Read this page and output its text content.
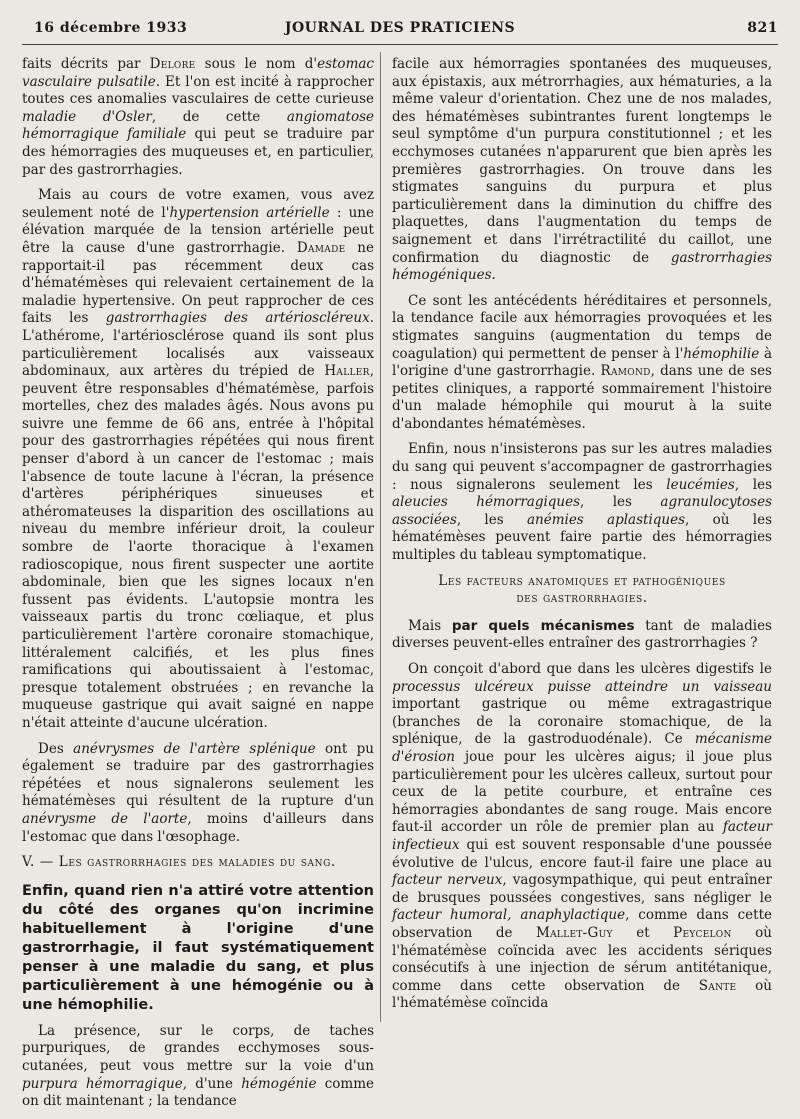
16 décembre 1933	JOURNAL DES PRATICIENS	821

faits décrits par Delore sous le nom d'estomac vasculaire pulsatile. Et l'on est incité à rapprocher toutes ces anomalies vasculaires de cette curieuse maladie d'Osler, de cette angiomatose hémorragique familiale qui peut se traduire par des hémorragies des muqueuses et, en particulier, par des gastrorrhagies.

Mais au cours de votre examen, vous avez seulement noté de l'hypertension artérielle : une élévation marquée de la tension artérielle peut être la cause d'une gastrorrhagie. Damade ne rapportait-il pas récemment deux cas d'hématémèses qui relevaient certainement de la maladie hypertensive. On peut rapprocher de ces faits les gastrorrhagies des artérioscléreux. L'athérome, l'artériosclérose quand ils sont plus particulièrement localisés aux vaisseaux abdominaux, aux artères du trépied de Haller, peuvent être responsables d'hématémèse, parfois mortelles, chez des malades âgés. Nous avons pu suivre une femme de 66 ans, entrée à l'hôpital pour des gastrorrhagies répétées qui nous firent penser d'abord à un cancer de l'estomac ; mais l'absence de toute lacune à l'écran, la présence d'artères périphériques sinueuses et athéromateuses la disparition des oscillations au niveau du membre inférieur droit, la couleur sombre de l'aorte thoracique à l'examen radioscopique, nous firent suspecter une aortite abdominale, bien que les signes locaux n'en fussent pas évidents. L'autopsie montra les vaisseaux partis du tronc cœliaque, et plus particulièrement l'artère coronaire stomachique, littéralement calcifiés, et les plus fines ramifications qui aboutissaient à l'estomac, presque totalement obstruées ; en revanche la muqueuse gastrique qui avait saigné en nappe n'était atteinte d'aucune ulcération.

Des anévrysmes de l'artère splénique ont pu également se traduire par des gastrorrhagies répétées et nous signalerons seulement les hématémèses qui résultent de la rupture d'un anévrysme de l'aorte, moins d'ailleurs dans l'estomac que dans l'œsophage.

V. — Les gastrorrhagies des maladies du sang.

Enfin, quand rien n'a attiré votre attention du côté des organes qu'on incrimine habituellement à l'origine d'une gastrorrhagie, il faut systématiquement penser à une maladie du sang, et plus particulièrement à une hémogénie ou à une hémophilie.

La présence, sur le corps, de taches purpuriques, de grandes ecchymoses sous-cutanées, peut vous mettre sur la voie d'un purpura hémorragique, d'une hémogénie comme on dit maintenant ; la tendance

facile aux hémorragies spontanées des muqueuses, aux épistaxis, aux métrorrhagies, aux hématuries, a la même valeur d'orientation. Chez une de nos malades, des hématémèses subintrantes furent longtemps le seul symptôme d'un purpura constitutionnel ; et les ecchymoses cutanées n'apparurent que bien après les premières gastrorrhagies. On trouve dans les stigmates sanguins du purpura et plus particulièrement dans la diminution du chiffre des plaquettes, dans l'augmentation du temps de saignement et dans l'irrétractilité du caillot, une confirmation du diagnostic de gastrorrhagies hémogéniques.

Ce sont les antécédents héréditaires et personnels, la tendance facile aux hémorragies provoquées et les stigmates sanguins (augmentation du temps de coagulation) qui permettent de penser à l'hémophilie à l'origine d'une gastrorrhagie. Ramond, dans une de ses petites cliniques, a rapporté sommairement l'histoire d'un malade hémophile qui mourut à la suite d'abondantes hématémèses.

Enfin, nous n'insisterons pas sur les autres maladies du sang qui peuvent s'accompagner de gastrorrhagies : nous signalerons seulement les leucémies, les aleucies hémorragiques, les agranulocytoses associées, les anémies aplastiques, où les hématémèses peuvent faire partie des hémorragies multiples du tableau symptomatique.

Les facteurs anatomiques et pathogéniques
des gastrorrhagies.

Mais par quels mécanismes tant de maladies diverses peuvent-elles entraîner des gastrorrhagies ?

On conçoit d'abord que dans les ulcères digestifs le processus ulcéreux puisse atteindre un vaisseau important gastrique ou même extragastrique (branches de la coronaire stomachique, de la splénique, de la gastroduodénale). Ce mécanisme d'érosion joue pour les ulcères aigus; il joue plus particulièrement pour les ulcères calleux, surtout pour ceux de la petite courbure, et entraîne ces hémorragies abondantes de sang rouge. Mais encore faut-il accorder un rôle de premier plan au facteur infectieux qui est souvent responsable d'une poussée évolutive de l'ulcus, encore faut-il faire une place au facteur nerveux, vagosympathique, qui peut entraîner de brusques poussées congestives, sans négliger le facteur humoral, anaphylactique, comme dans cette observation de Mallet-Guy et Peycelon où l'hématémèse coïncida avec les accidents sériques consécutifs à une injection de sérum antitétanique, comme dans cette observation de Sante où l'hématémèse coïncida
